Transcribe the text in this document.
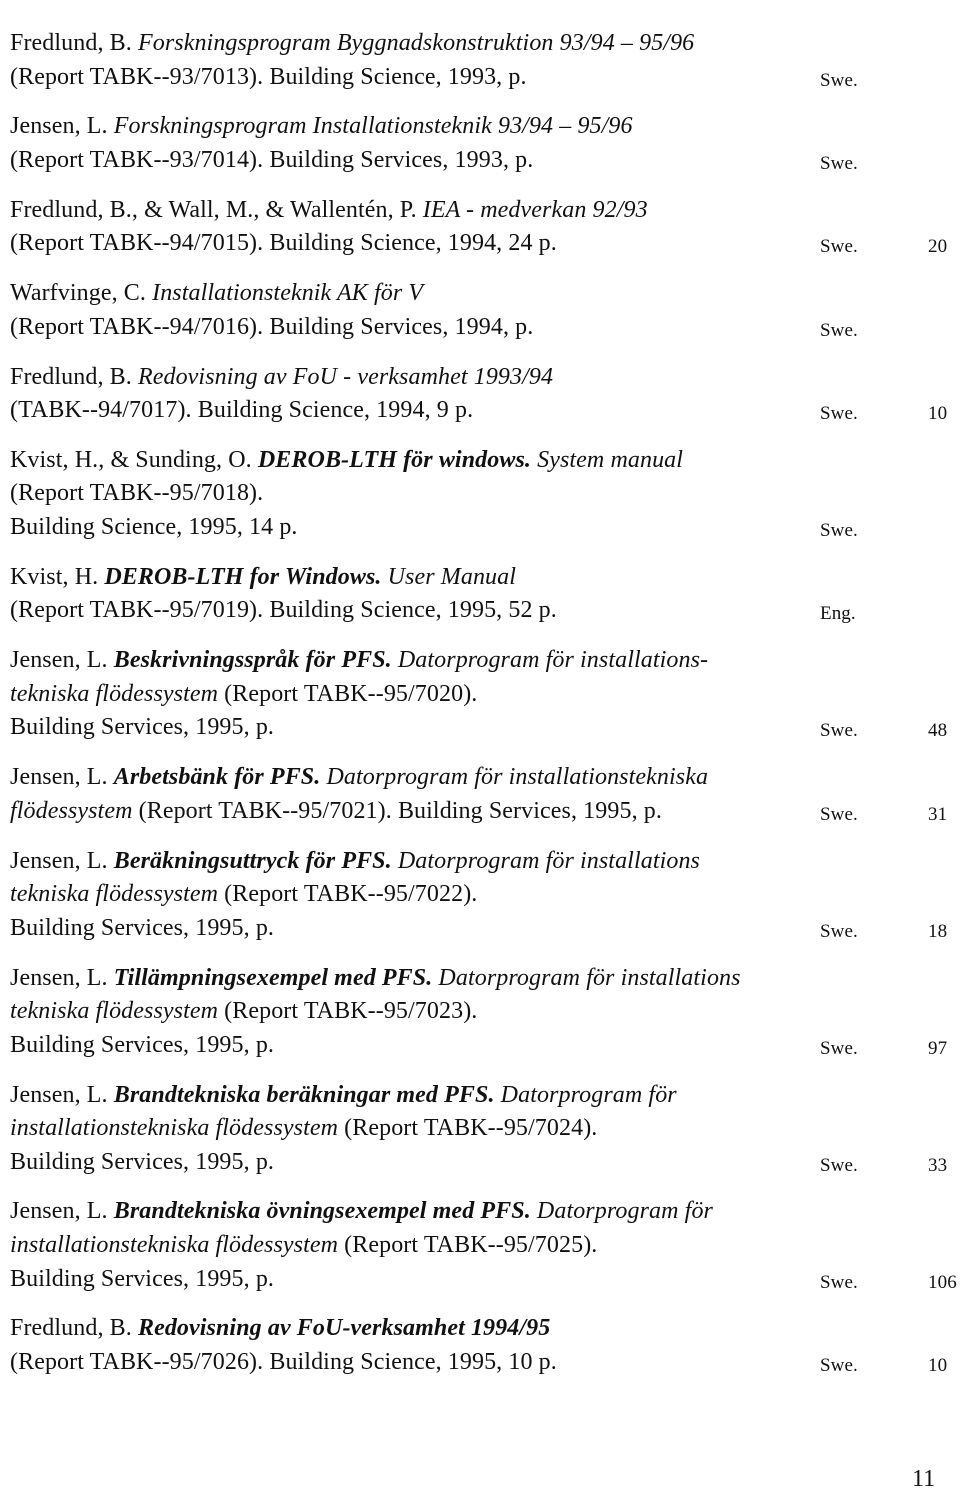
Fredlund, B. Forskningsprogram Byggnadskonstruktion 93/94 – 95/96
(Report TABK--93/7013). Building Science, 1993, p.	Swe.
Jensen, L. Forskningsprogram Installationsteknik 93/94 – 95/96
(Report TABK--93/7014). Building Services, 1993, p.	Swe.
Fredlund, B., & Wall, M., & Wallentén, P. IEA - medverkan 92/93
(Report TABK--94/7015). Building Science, 1994, 24 p.	Swe.	20
Warfvinge, C. Installationsteknik AK för V
(Report TABK--94/7016). Building Services, 1994, p.	Swe.
Fredlund, B. Redovisning av FoU - verksamhet 1993/94
(TABK--94/7017). Building Science, 1994, 9 p.	Swe.	10
Kvist, H., & Sunding, O. DEROB-LTH för windows. System manual
(Report TABK--95/7018).
Building Science, 1995, 14 p.	Swe.
Kvist, H. DEROB-LTH for Windows. User Manual
(Report TABK--95/7019). Building Science, 1995, 52 p.	Eng.
Jensen, L. Beskrivningsspråk för PFS. Datorprogram för installations-
tekniska flödessystem (Report TABK--95/7020).
Building Services, 1995, p.	Swe.	48
Jensen, L. Arbetsbänk för PFS. Datorprogram för installationstekniska
flödessystem (Report TABK--95/7021). Building Services, 1995, p.	Swe.	31
Jensen, L. Beräkningsuttryck för PFS. Datorprogram för installations
tekniska flödessystem (Report TABK--95/7022).
Building Services, 1995, p.	Swe.	18
Jensen, L. Tillämpningsexempel med PFS. Datorprogram för installations
tekniska flödessystem (Report TABK--95/7023).
Building Services, 1995, p.	Swe.	97
Jensen, L. Brandtekniska beräkningar med PFS. Datorprogram för
installationstekniska flödessystem (Report TABK--95/7024).
Building Services, 1995, p.	Swe.	33
Jensen, L. Brandtekniska övningsexempel med PFS. Datorprogram för
installationstekniska flödessystem (Report TABK--95/7025).
Building Services, 1995, p.	Swe.	106
Fredlund, B. Redovisning av FoU-verksamhet 1994/95
(Report TABK--95/7026). Building Science, 1995, 10 p.	Swe.	10
11
